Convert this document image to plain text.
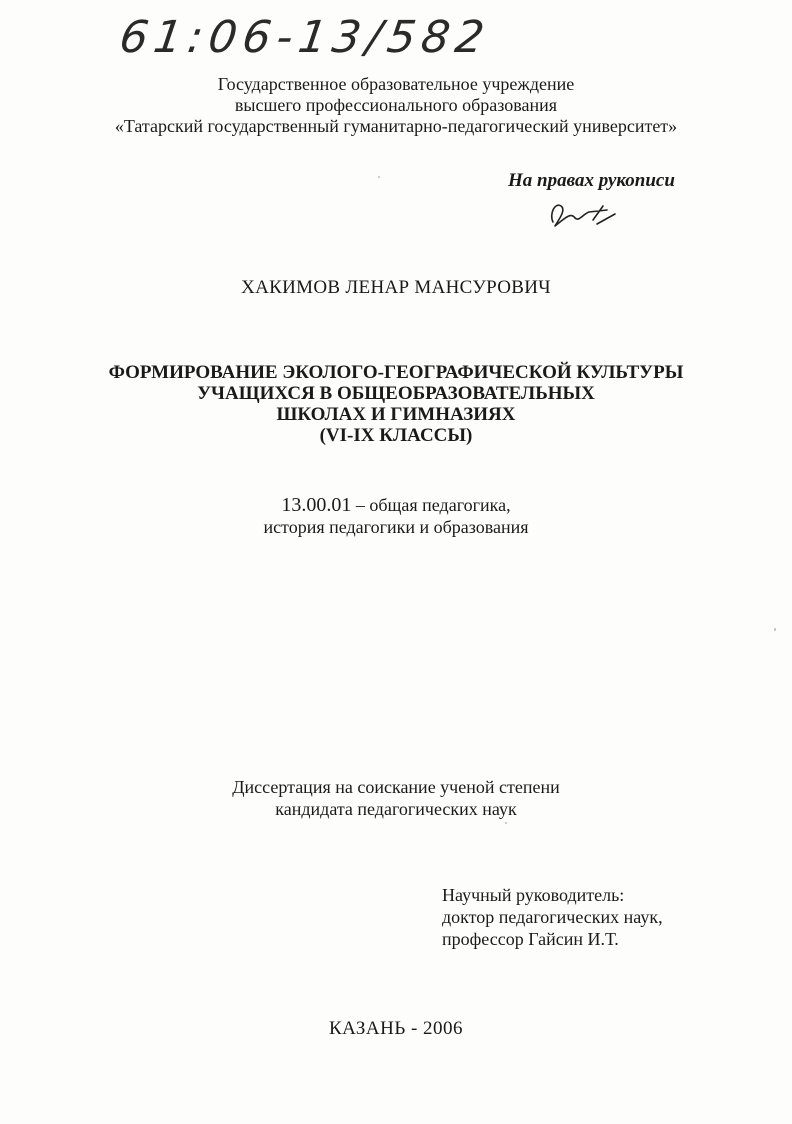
61:06-13/582
Государственное образовательное учреждение
высшего профессионального образования
«Татарский государственный гуманитарно-педагогический университет»
На правах рукописи
ХАКИМОВ ЛЕНАР МАНСУРОВИЧ
ФОРМИРОВАНИЕ ЭКОЛОГО-ГЕОГРАФИЧЕСКОЙ КУЛЬТУРЫ
УЧАЩИХСЯ В ОБЩЕОБРАЗОВАТЕЛЬНЫХ
ШКОЛАХ И ГИМНАЗИЯХ
(VI-IX КЛАССЫ)
13.00.01 – общая педагогика,
история педагогики и образования
Диссертация на соискание ученой степени
кандидата педагогических наук
Научный руководитель:
доктор педагогических наук,
профессор Гайсин И.Т.
КАЗАНЬ - 2006
